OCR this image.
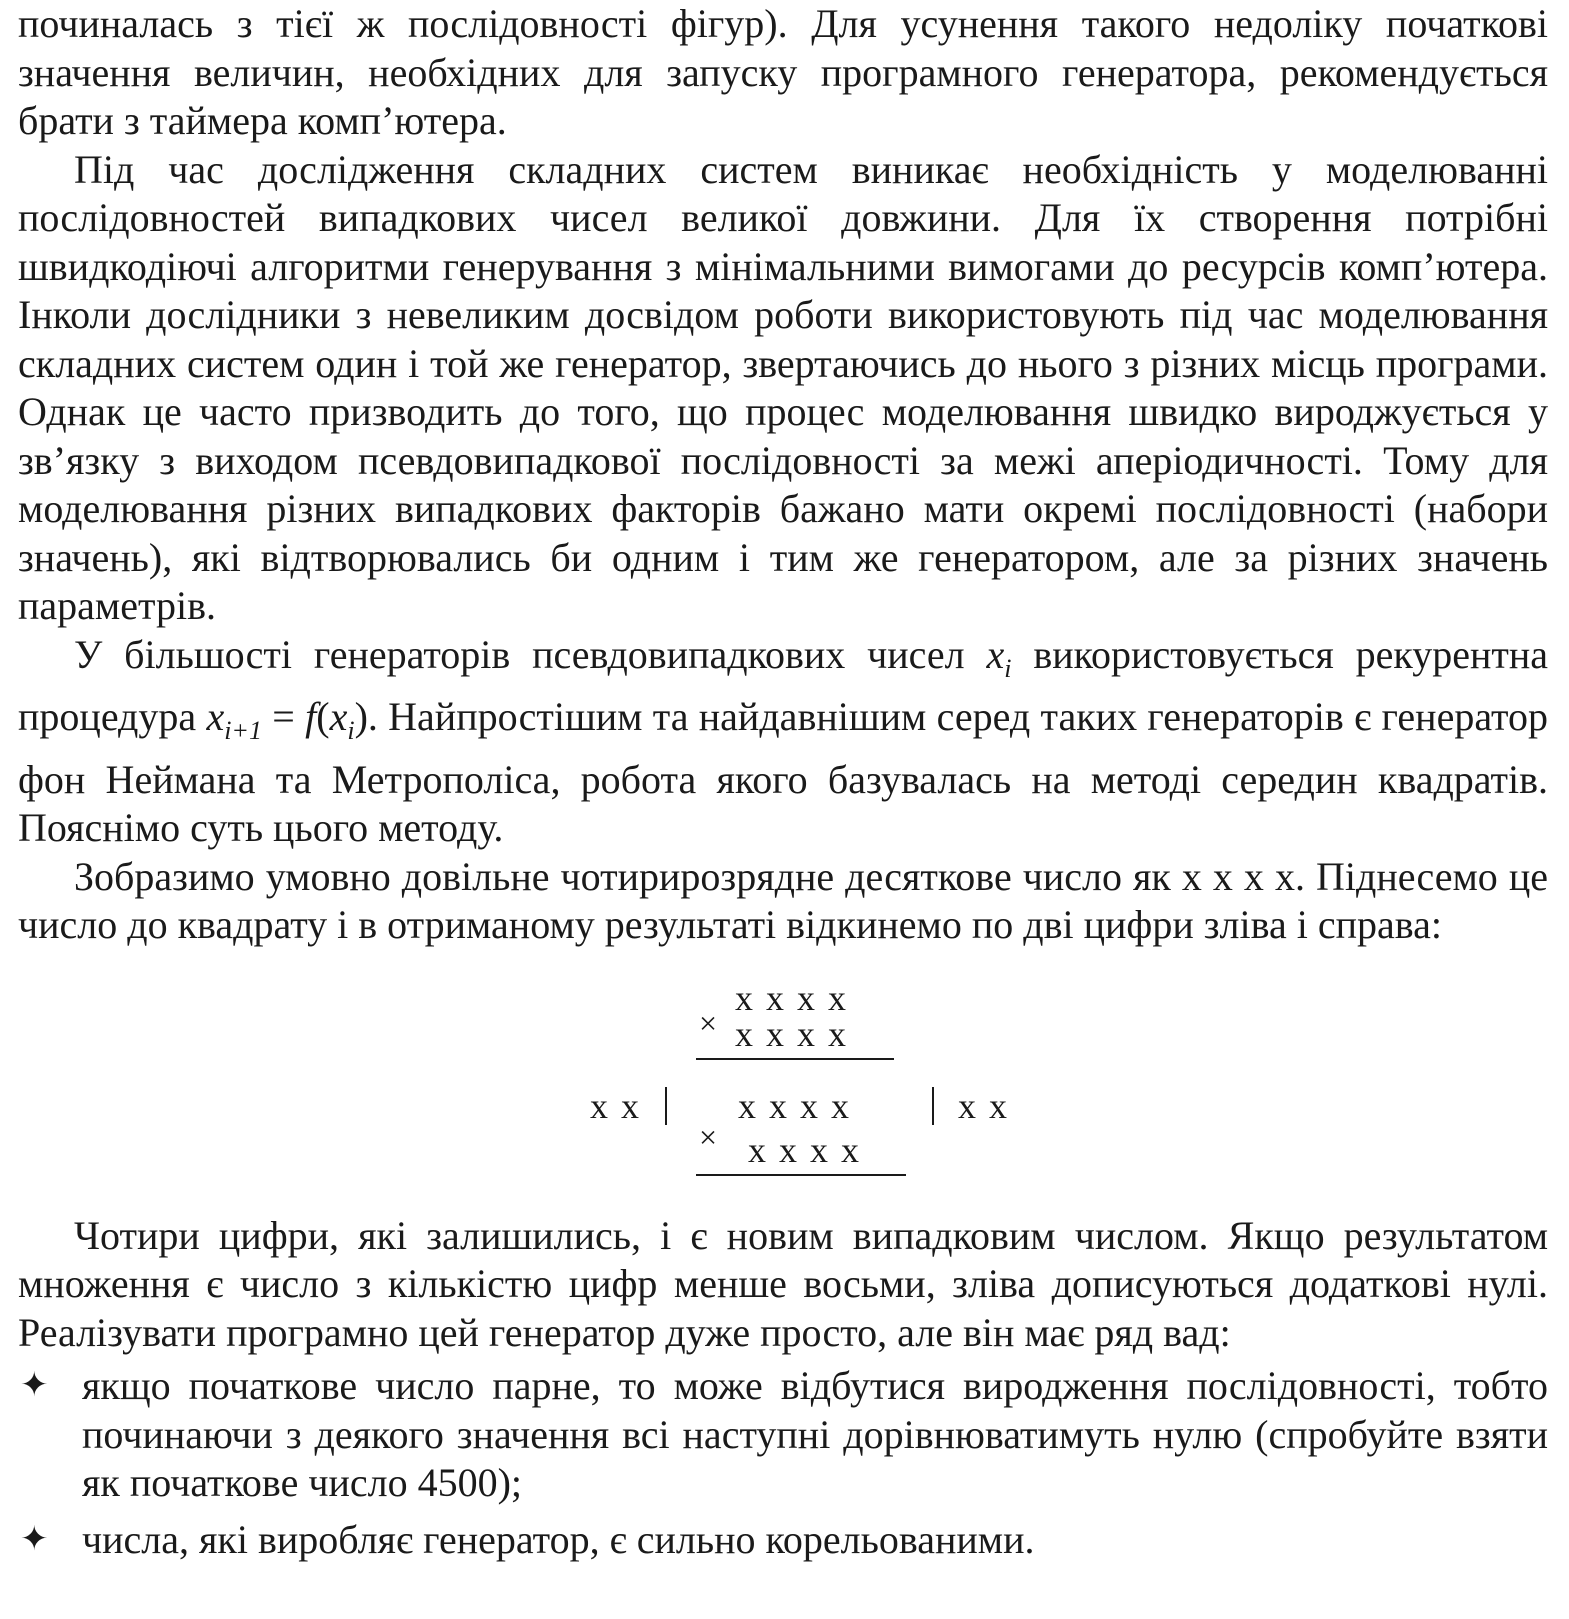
починалась з тієї ж послідовності фігур). Для усунення такого недоліку початкові значення величин, необхідних для запуску програмного генератора, рекомендується брати з таймера комп’ютера.

Під час дослідження складних систем виникає необхідність у моделюванні послідовностей випадкових чисел великої довжини. Для їх створення потрібні швидкодіючі алгоритми генерування з мінімальними вимогами до ресурсів комп’ютера. Інколи дослідники з невеликим досвідом роботи використовують під час моделювання складних систем один і той же генератор, звертаючись до нього з різних місць програми. Однак це часто призводить до того, що процес моделювання швидко вироджується у зв’язку з виходом псевдовипадкової послідовності за межі аперіодичності. Тому для моделювання різних випадкових факторів бажано мати окремі послідовності (набори значень), які відтворювались би одним і тим же генератором, але за різних значень параметрів.

У більшості генераторів псевдовипадкових чисел $x_i$ використовується рекурентна процедура $x_{i+1} = f(x_i)$. Найпростішим та найдавнішим серед таких генераторів є генератор фон Неймана та Метрополіса, робота якого базувалась на методі середин квадратів. Пояснімо суть цього методу.

Зобразимо умовно довільне чотирирозрядне десяткове число як x x x x. Піднесемо це число до квадрату і в отриманому результаті відкинемо по дві цифри зліва і справа:

Чотири цифри, які залишились, і є новим випадковим числом. Якщо результатом множення є число з кількістю цифр менше восьми, зліва дописуються додаткові нулі. Реалізувати програмно цей генератор дуже просто, але він має ряд вад:

✦ якщо початкове число парне, то може відбутися виродження послідовності, тобто починаючи з деякого значення всі наступні дорівнюватимуть нулю (спробуйте взяти як початкове число 4500);
✦ числа, які виробляє генератор, є сильно корельованими.
×
x x x x
x x x x
x x
×
x x x x	x x
x x x x
